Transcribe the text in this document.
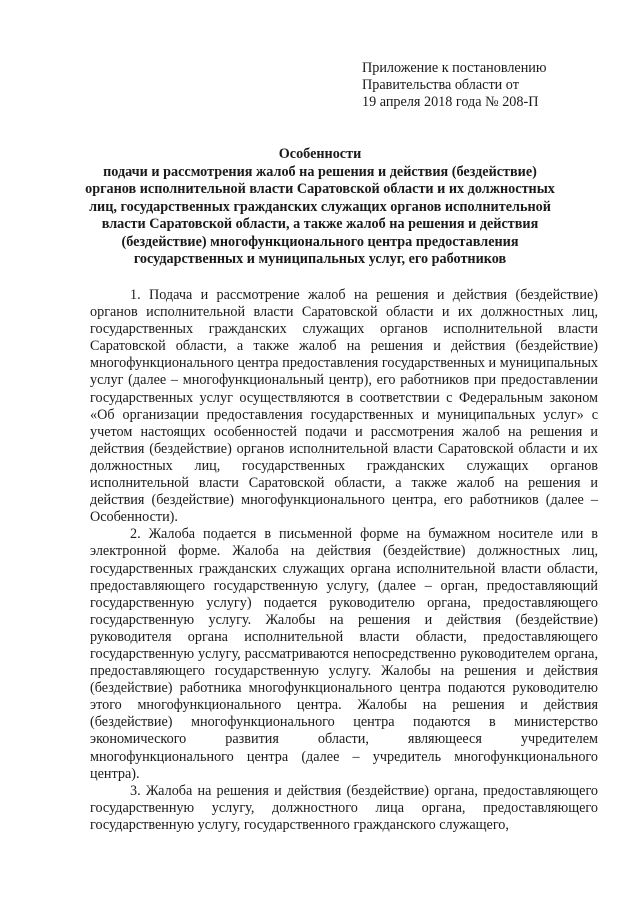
Приложение к постановлению
Правительства области от
19 апреля 2018 года № 208-П
Особенности
подачи и рассмотрения жалоб на решения и действия (бездействие)
органов исполнительной власти Саратовской области и их должностных
лиц, государственных гражданских служащих органов исполнительной
власти Саратовской области, а также жалоб на решения и действия
(бездействие) многофункционального центра предоставления
государственных и муниципальных услуг, его работников

1. Подача и рассмотрение жалоб на решения и действия (бездействие) органов исполнительной власти Саратовской области и их должностных лиц, государственных гражданских служащих органов исполнительной власти Саратовской области, а также жалоб на решения и действия (бездействие) многофункционального центра предоставления государственных и муниципальных услуг (далее – многофункциональный центр), его работников при предоставлении государственных услуг осуществляются в соответствии с Федеральным законом «Об организации предоставления государственных и муниципальных услуг» с учетом настоящих особенностей подачи и рассмотрения жалоб на решения и действия (бездействие) органов исполнительной власти Саратовской области и их должностных лиц, государственных гражданских служащих органов исполнительной власти Саратовской области, а также жалоб на решения и действия (бездействие) многофункционального центра, его работников (далее – Особенности).

2. Жалоба подается в письменной форме на бумажном носителе или в электронной форме. Жалоба на действия (бездействие) должностных лиц, государственных гражданских служащих органа исполнительной власти области, предоставляющего государственную услугу, (далее – орган, предоставляющий государственную услугу) подается руководителю органа, предоставляющего государственную услугу. Жалобы на решения и действия (бездействие) руководителя органа исполнительной власти области, предоставляющего государственную услугу, рассматриваются непосредственно руководителем органа, предоставляющего государственную услугу. Жалобы на решения и действия (бездействие) работника многофункционального центра подаются руководителю этого многофункционального центра. Жалобы на решения и действия (бездействие) многофункционального центра подаются в министерство экономического развития области, являющееся учредителем многофункционального центра (далее – учредитель многофункционального центра).

3. Жалоба на решения и действия (бездействие) органа, предоставляющего государственную услугу, должностного лица органа, предоставляющего государственную услугу, государственного гражданского служащего,
